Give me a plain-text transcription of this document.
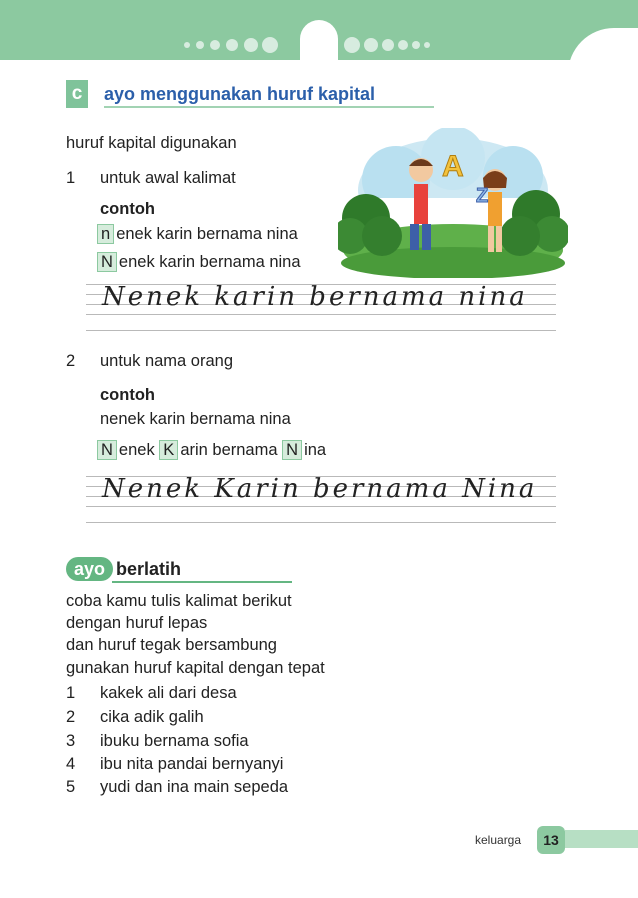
c	ayo menggunakan huruf kapital
A
Z
huruf kapital digunakan
1 untuk awal kalimat
contoh
n enek karin bernama nina
N enek karin bernama nina
Nenek karin bernama nina
2 untuk nama orang
contoh
nenek karin bernama nina
N enek K arin bernama N ina
Nenek Karin bernama Nina
ayo berlatih
coba kamu tulis kalimat berikut
dengan huruf lepas
dan huruf tegak bersambung
gunakan huruf kapital dengan tepat
1 kakek ali dari desa
2 cika adik galih
3 ibuku bernama sofia
4 ibu nita pandai bernyanyi
5 yudi dan ina main sepeda
keluarga	13
